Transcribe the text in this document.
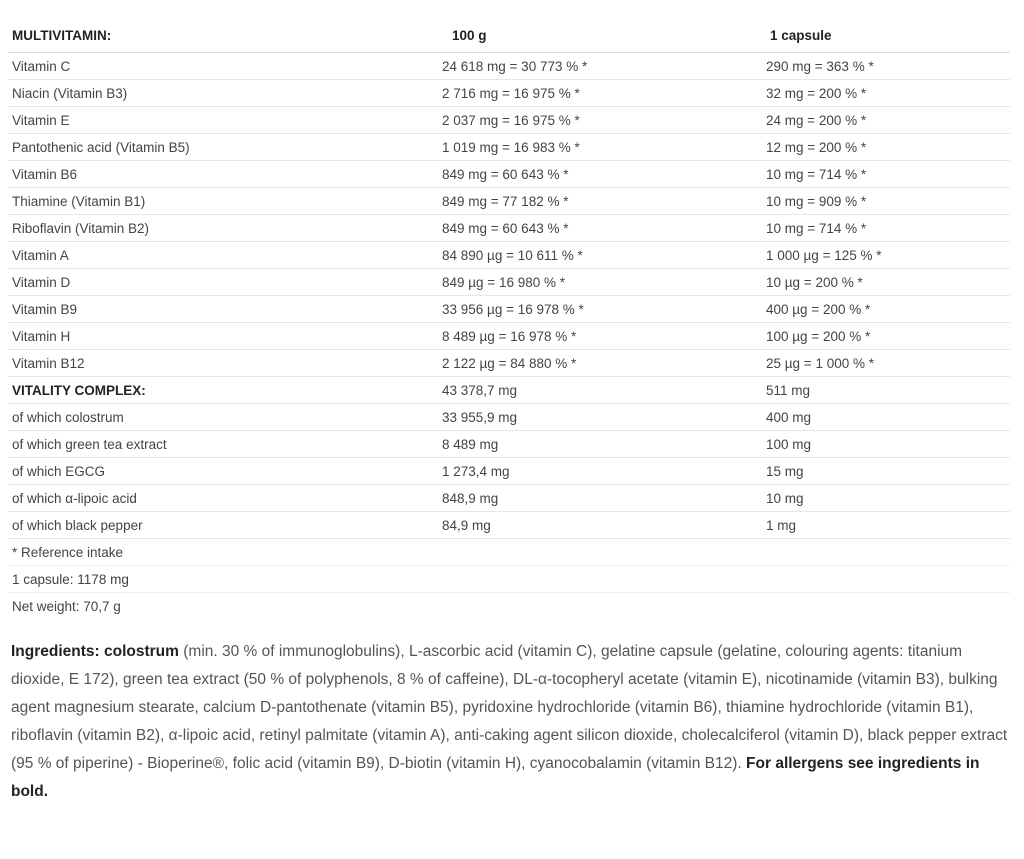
MULTIVITAMIN:	100 g	1 capsule
Vitamin C	24 618 mg = 30 773 % *	290 mg = 363 % *
Niacin (Vitamin B3)	2 716 mg = 16 975 % *	32 mg = 200 % *
Vitamin E	2 037 mg = 16 975 % *	24 mg = 200 % *
Pantothenic acid (Vitamin B5)	1 019 mg = 16 983 % *	12 mg = 200 % *
Vitamin B6	849 mg = 60 643 % *	10 mg = 714 % *
Thiamine (Vitamin B1)	849 mg = 77 182 % *	10 mg = 909 % *
Riboflavin (Vitamin B2)	849 mg = 60 643 % *	10 mg = 714 % *
Vitamin A	84 890 µg = 10 611 % *	1 000 µg = 125 % *
Vitamin D	849 µg = 16 980 % *	10 µg = 200 % *
Vitamin B9	33 956 µg = 16 978 % *	400 µg = 200 % *
Vitamin H	8 489 µg = 16 978 % *	100 µg = 200 % *
Vitamin B12	2 122 µg = 84 880 % *	25 µg = 1 000 % *
VITALITY COMPLEX:	43 378,7 mg	511 mg
of which colostrum	33 955,9 mg	400 mg
of which green tea extract	8 489 mg	100 mg
of which EGCG	1 273,4 mg	15 mg
of which α-lipoic acid	848,9 mg	10 mg
of which black pepper	84,9 mg	1 mg
* Reference intake		
1 capsule: 1178 mg		
Net weight: 70,7 g		

Ingredients: colostrum (min. 30 % of immunoglobulins), L-ascorbic acid (vitamin C), gelatine capsule (gelatine, colouring agents: titanium dioxide, E 172), green tea extract (50 % of polyphenols, 8 % of caffeine), DL-α-tocopheryl acetate (vitamin E), nicotinamide (vitamin B3), bulking agent magnesium stearate, calcium D-pantothenate (vitamin B5), pyridoxine hydrochloride (vitamin B6), thiamine hydrochloride (vitamin B1), riboflavin (vitamin B2), α-lipoic acid, retinyl palmitate (vitamin A), anti-caking agent silicon dioxide, cholecalciferol (vitamin D), black pepper extract (95 % of piperine) - Bioperine®, folic acid (vitamin B9), D-biotin (vitamin H), cyanocobalamin (vitamin B12). For allergens see ingredients in bold.
